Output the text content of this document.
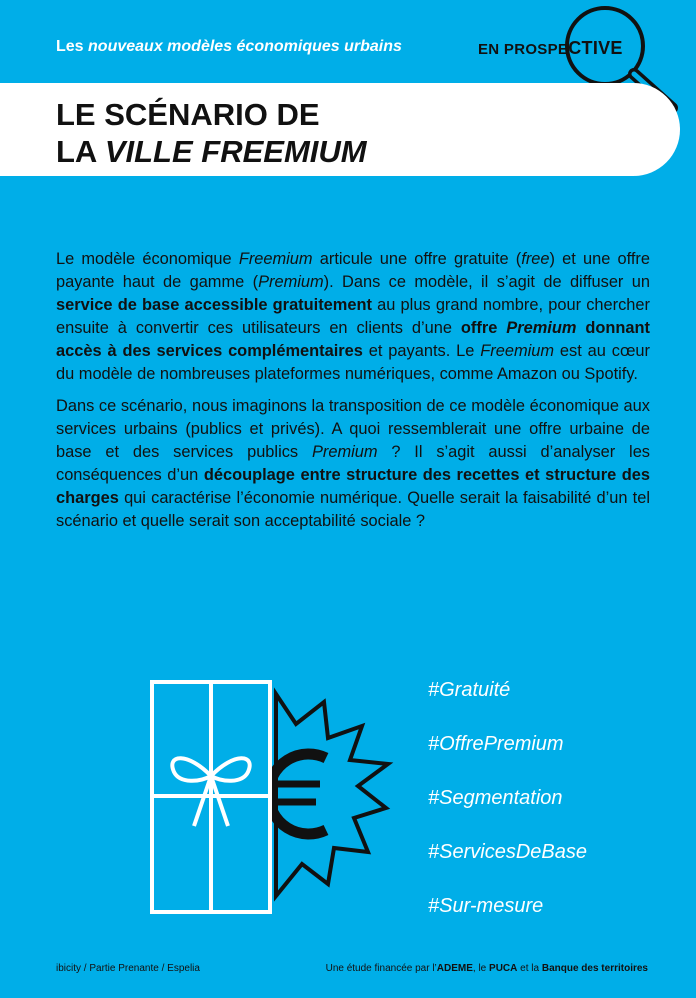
Les nouveaux modèles économiques urbains	EN PROSPECTIVE
LE SCÉNARIO DE
LA VILLE FREEMIUM

Le modèle économique Freemium articule une offre gratuite (free) et une offre payante haut de gamme (Premium). Dans ce modèle, il s’agit de diffuser un service de base accessible gratuitement au plus grand nombre, pour chercher ensuite à convertir ces utilisateurs en clients d’une offre Premium donnant accès à des services complémentaires et payants. Le Freemium est au cœur du modèle de nombreuses plateformes numériques, comme Amazon ou Spotify.

Dans ce scénario, nous imaginons la transposition de ce modèle économique aux services urbains (publics et privés). A quoi ressemblerait une offre urbaine de base et des services publics Premium ? Il s’agit aussi d’analyser les conséquences d’un découplage entre structure des recettes et structure des charges qui caractérise l’économie numérique. Quelle serait la faisabilité d’un tel scénario et quelle serait son acceptabilité sociale ?

#Gratuité
#OffrePremium
#Segmentation
#ServicesDeBase
#Sur-mesure
ibicity / Partie Prenante / Espelia	Une étude financée par l’ADEME, le PUCA et la Banque des territoires
